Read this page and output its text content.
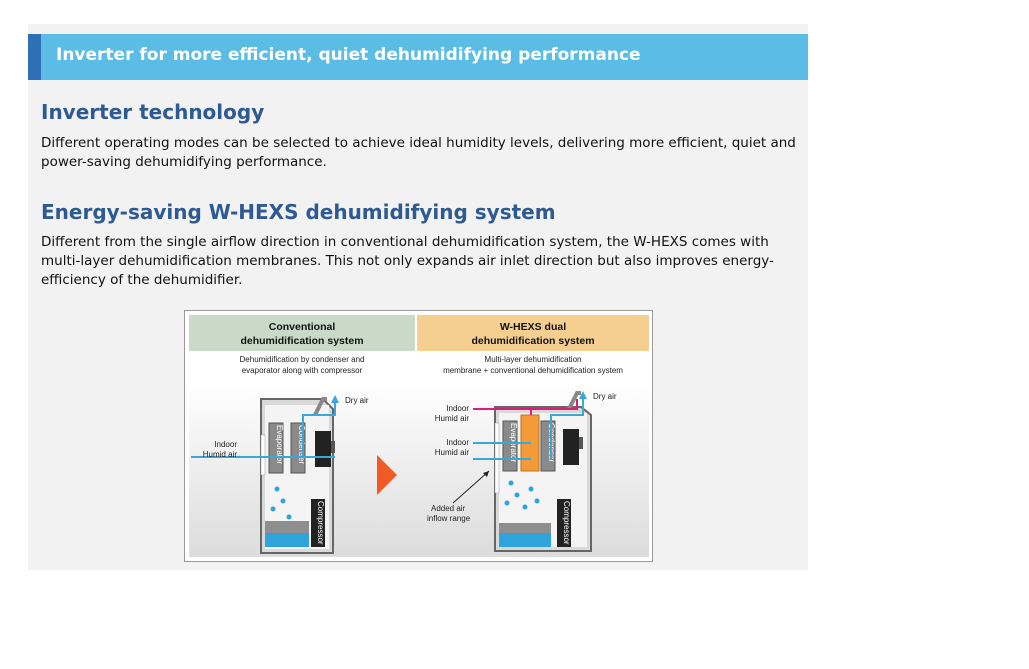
Inverter for more efficient, quiet dehumidifying performance
Inverter technology
Different operating modes can be selected to achieve ideal humidity levels, delivering more efficient, quiet and power-saving dehumidifying performance.
Energy-saving W-HEXS dehumidifying system
Different from the single airflow direction in conventional dehumidification system, the W-HEXS comes with multi-layer dehumidification membranes. This not only expands air inlet direction but also improves energy-efficiency of the dehumidifier.
Conventional
dehumidification system
W-HEXS dual
dehumidification system
Dehumidification by condenser and
evaporator along with compressor
Multi-layer dehumidification
membrane + conventional dehumidification system
Evaporator Condenser
Compressor
Dry air
Indoor
Humid air	Evaporator	Condenser
Compressor
Dry air
Indoor
Humid air
Indoor
Humid air
Added air
inflow range
